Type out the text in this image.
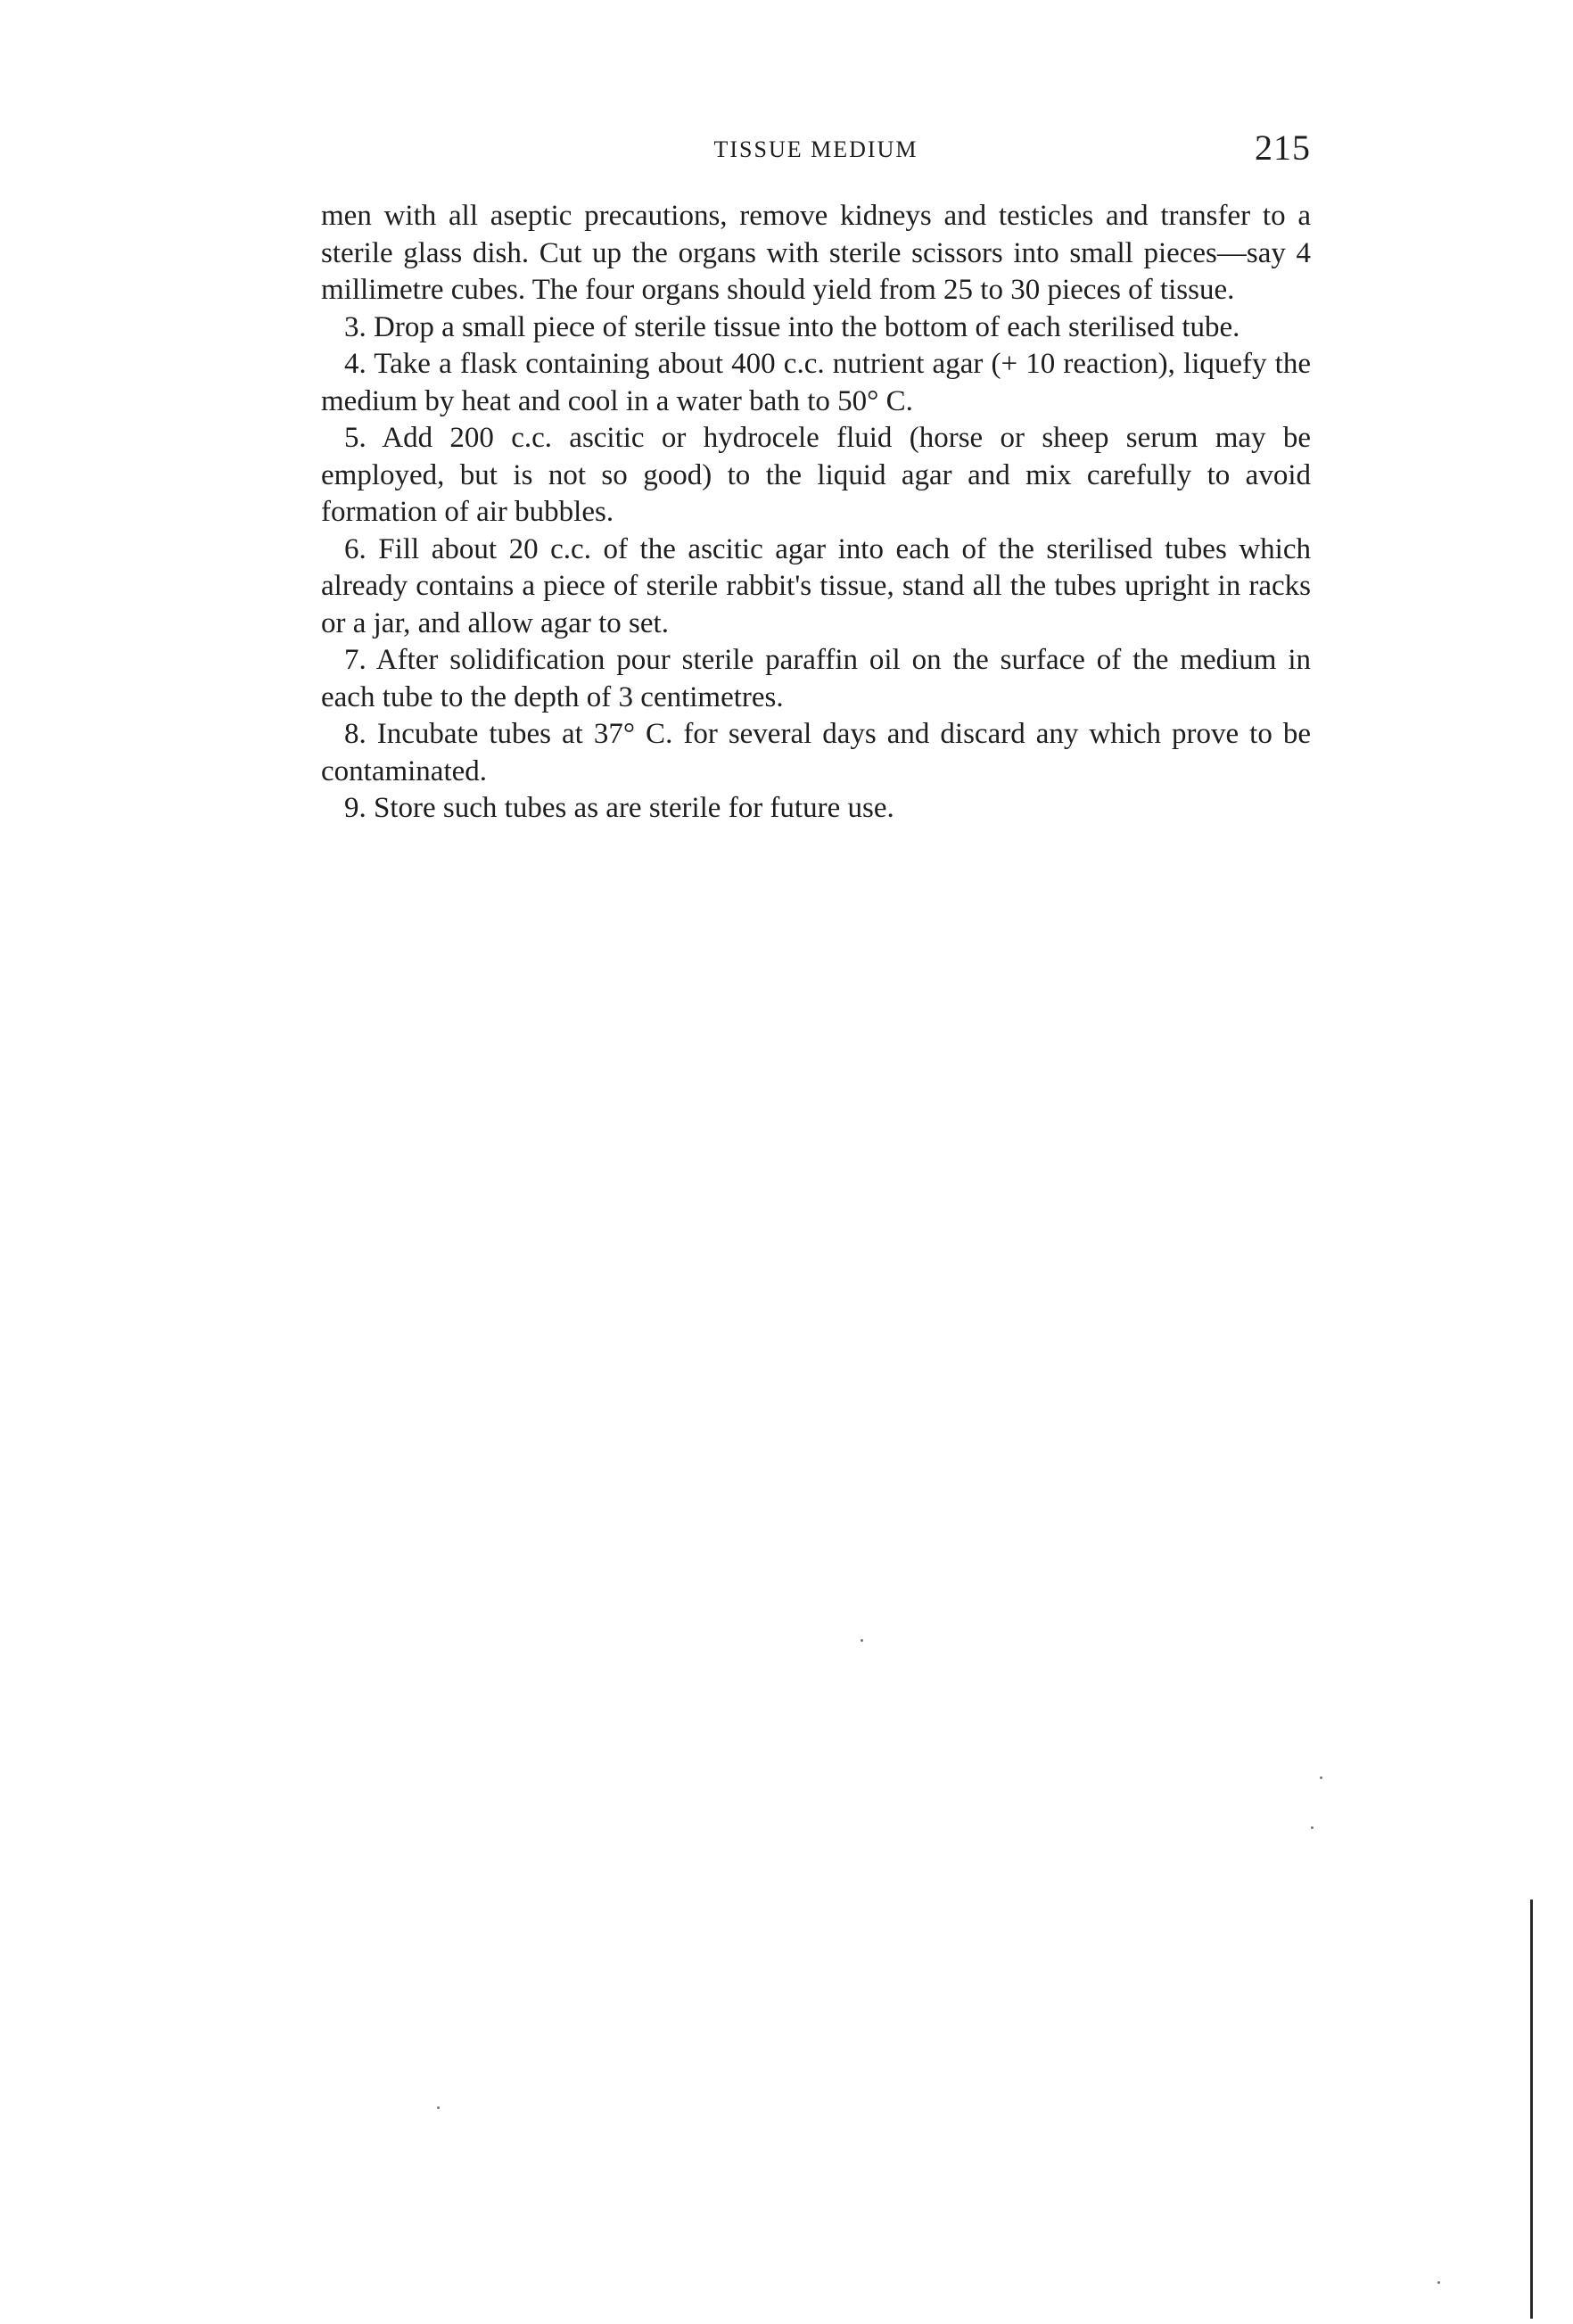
TISSUE MEDIUM	215

men with all aseptic precautions, remove kidneys and testicles and transfer to a sterile glass dish. Cut up the organs with sterile scissors into small pieces—say 4 millimetre cubes. The four organs should yield from 25 to 30 pieces of tissue.

3. Drop a small piece of sterile tissue into the bottom of each sterilised tube.

4. Take a flask containing about 400 c.c. nutrient agar (+ 10 reaction), liquefy the medium by heat and cool in a water bath to 50° C.

5. Add 200 c.c. ascitic or hydrocele fluid (horse or sheep serum may be employed, but is not so good) to the liquid agar and mix carefully to avoid formation of air bubbles.

6. Fill about 20 c.c. of the ascitic agar into each of the sterilised tubes which already contains a piece of sterile rabbit's tissue, stand all the tubes upright in racks or a jar, and allow agar to set.

7. After solidification pour sterile paraffin oil on the surface of the medium in each tube to the depth of 3 centimetres.

8. Incubate tubes at 37° C. for several days and discard any which prove to be contaminated.

9. Store such tubes as are sterile for future use.
